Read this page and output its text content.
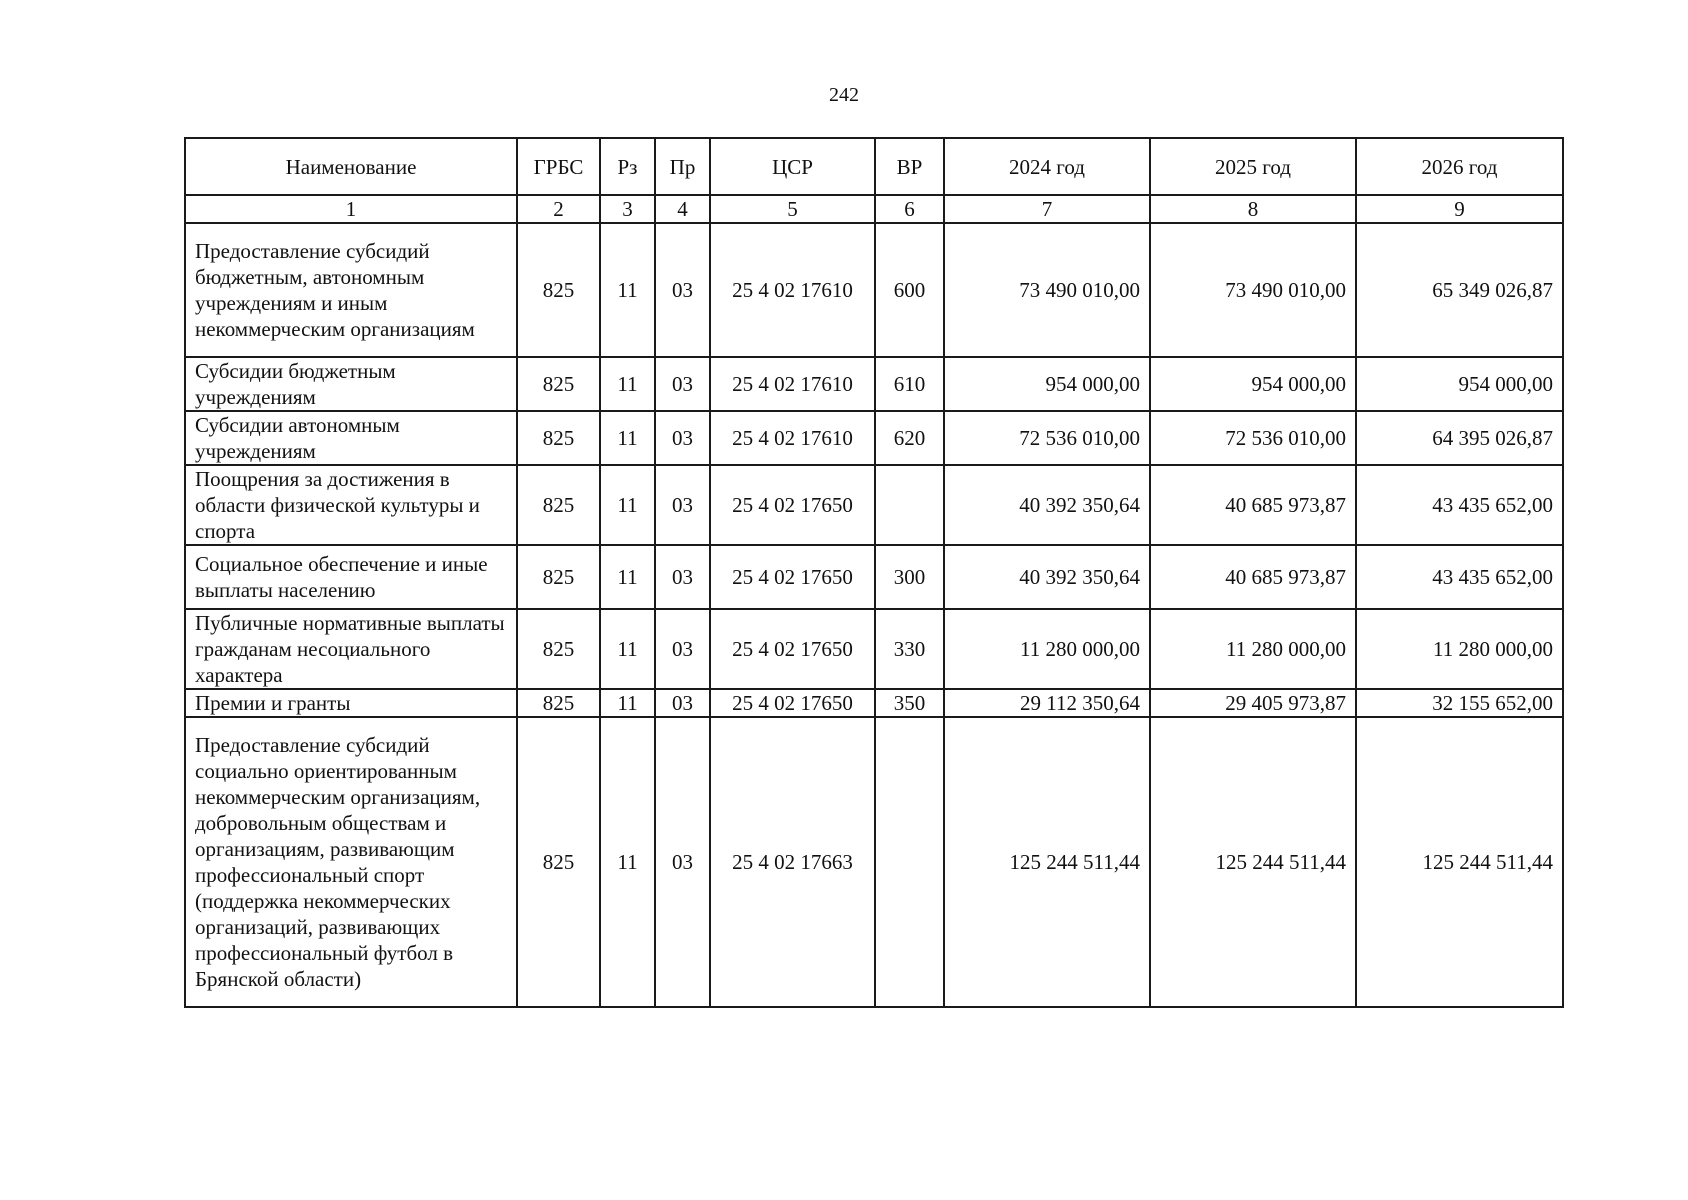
242
Наименование	ГРБС	Рз	Пр	ЦСР	ВР	2024 год	2025 год	2026 год
1	2	3	4	5	6	7	8	9
Предоставление субсидий бюджетным, автономным учреждениям и иным некоммерческим организациям	825	11	03	25 4 02 17610	600	73 490 010,00	73 490 010,00	65 349 026,87
Субсидии бюджетным учреждениям	825	11	03	25 4 02 17610	610	954 000,00	954 000,00	954 000,00
Субсидии автономным учреждениям	825	11	03	25 4 02 17610	620	72 536 010,00	72 536 010,00	64 395 026,87
Поощрения за достижения в области физической культуры и спорта	825	11	03	25 4 02 17650		40 392 350,64	40 685 973,87	43 435 652,00
Социальное обеспечение и иные выплаты населению	825	11	03	25 4 02 17650	300	40 392 350,64	40 685 973,87	43 435 652,00
Публичные нормативные выплаты гражданам несоциального характера	825	11	03	25 4 02 17650	330	11 280 000,00	11 280 000,00	11 280 000,00
Премии и гранты	825	11	03	25 4 02 17650	350	29 112 350,64	29 405 973,87	32 155 652,00
Предоставление субсидий социально ориентированным некоммерческим организациям, добровольным обществам и организациям, развивающим профессиональный спорт (поддержка некоммерческих организаций, развивающих профессиональный футбол в Брянской области)	825	11	03	25 4 02 17663		125 244 511,44	125 244 511,44	125 244 511,44
